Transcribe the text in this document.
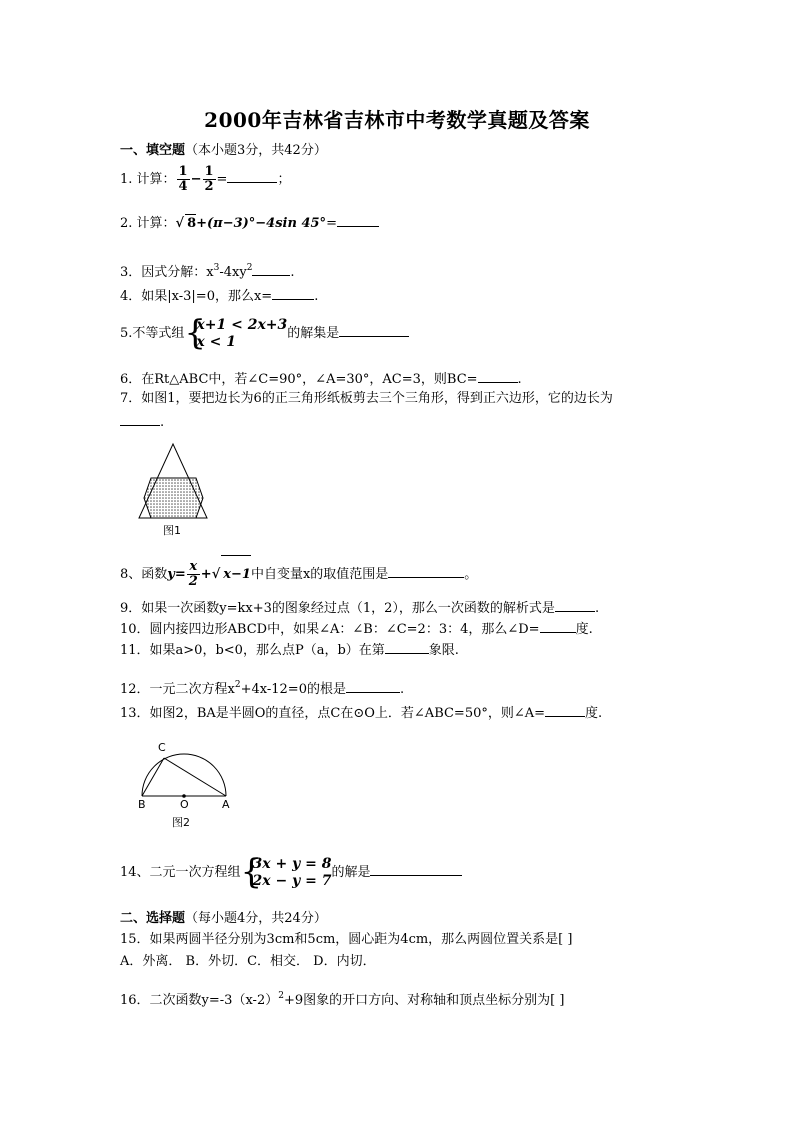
2000年吉林省吉林市中考数学真题及答案
一、填空题（本小题3分，共42分）
1. 计算： $\frac{1}{4} - \frac{1}{2}$ =	；
2. 计算：√ 8+(π−3)°−4sin 45°=
3．因式分解：$x^3-4xy^2$	.
4．如果|x-3|=0，那么x=	.
5.不等式组 {
x+1 < 2x+3
x < 1	的解集是
6．在Rt△ABC中，若∠C=90°，∠A=30°，AC=3，则BC=	.
7．如图1，要把边长为6的正三角形纸板剪去三个三角形，得到正六边形，它的边长为
.
图1
8、函数$y= \frac{x}{2}$ +√ x−1中自变量x的取值范围是	。
9．如果一次函数y=kx+3的图象经过点（1，2），那么一次函数的解析式是	.
10．圆内接四边形ABCD中，如果∠A：∠B：∠C=2：3：4，那么∠D=	度.
11．如果a>0，b<0，那么点P（a，b）在第	象限.
12．一元二次方程$x^2+4x-12=0$的根是	.
13．如图2，BA是半圆O的直径，点C在⊙O上．若∠ABC=50°，则∠A=	度.
C
B	O	A
图2
14、二元一次方程组 {
3x + y = 8
2x − y = 7 的解是
二、选择题（每小题4分，共24分）
15．如果两圆半径分别为3cm和5cm，圆心距为4cm，那么两圆位置关系是[ ]
A．外离． B．外切．C．相交． D．内切．
16．二次函数$y=-3(x-2)^2+9$图象的开口方向、对称轴和顶点坐标分别为[ ]
